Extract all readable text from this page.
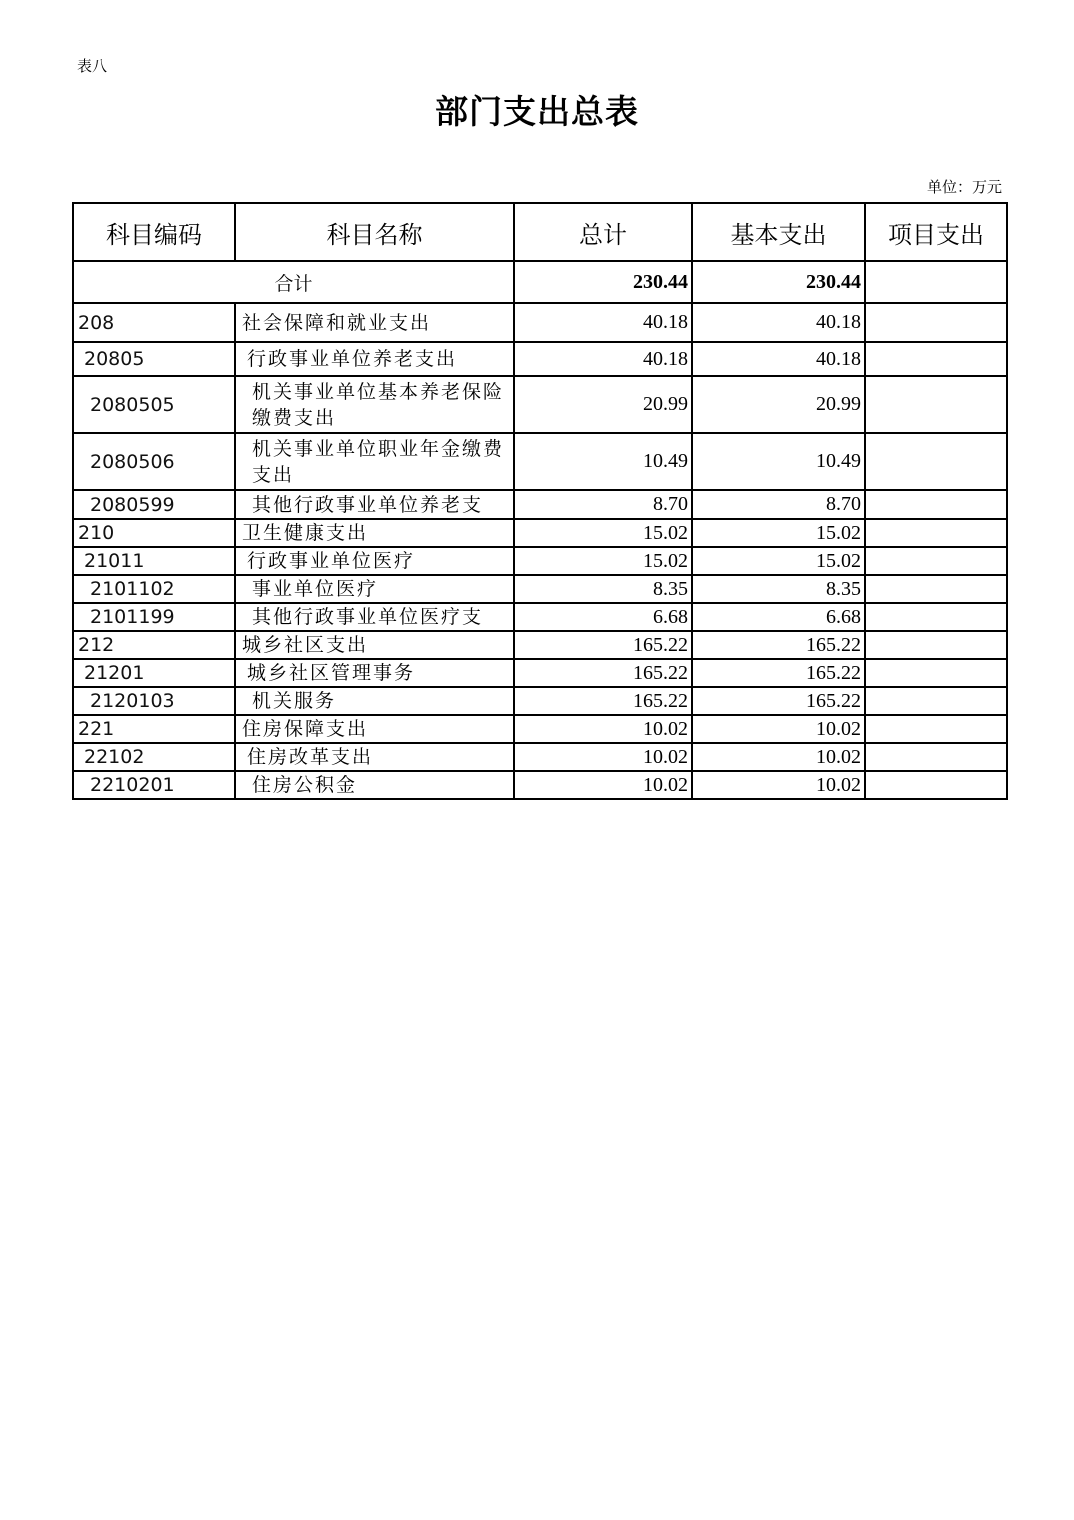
表八
部门支出总表
单位：万元
科目编码	科目名称	总计	基本支出	项目支出
合计		230.44	230.44	
208	社会保障和就业支出	40.18	40.18	
20805	行政事业单位养老支出	40.18	40.18	
2080505	机关事业单位基本养老保险缴费支出	20.99	20.99	
2080506	机关事业单位职业年金缴费支出	10.49	10.49	
2080599	其他行政事业单位养老支	8.70	8.70	
210	卫生健康支出	15.02	15.02	
21011	行政事业单位医疗	15.02	15.02	
2101102	事业单位医疗	8.35	8.35	
2101199	其他行政事业单位医疗支	6.68	6.68	
212	城乡社区支出	165.22	165.22	
21201	城乡社区管理事务	165.22	165.22	
2120103	机关服务	165.22	165.22	
221	住房保障支出	10.02	10.02	
22102	住房改革支出	10.02	10.02	
2210201	住房公积金	10.02	10.02	
